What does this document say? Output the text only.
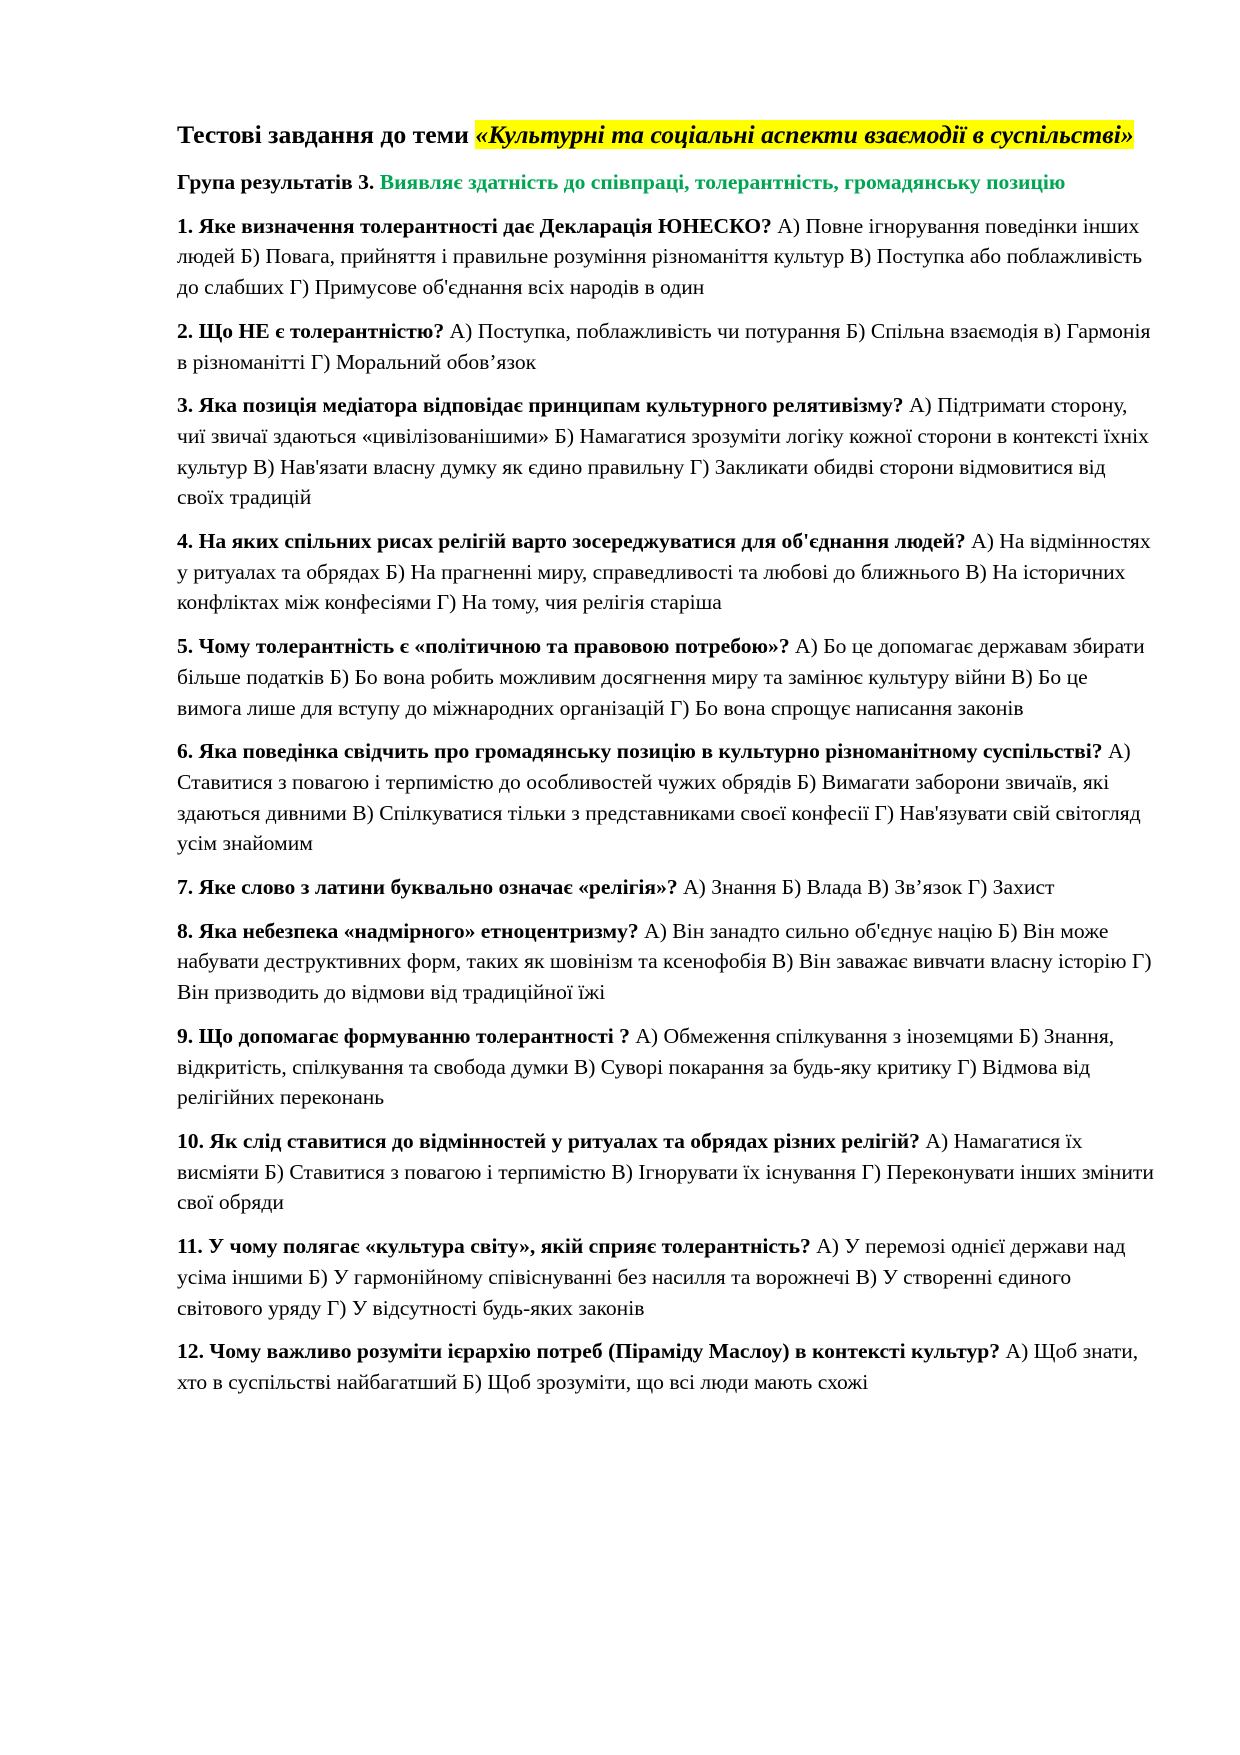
Тестові завдання до теми «Культурні та соціальні аспекти взаємодії в суспільстві»
Група результатів 3. Виявляє здатність до співпраці, толерантність, громадянську позицію
1. Яке визначення толерантності дає Декларація ЮНЕСКО? А) Повне ігнорування поведінки інших людей Б) Повага, прийняття і правильне розуміння різноманіття культур В) Поступка або поблажливість до слабших Г) Примусове об'єднання всіх народів в один
2. Що НЕ є толерантністю? А) Поступка, поблажливість чи потурання Б) Спільна взаємодія в) Гармонія в різноманітті Г) Моральний обов’язок
3. Яка позиція медіатора відповідає принципам культурного релятивізму? А) Підтримати сторону, чиї звичаї здаються «цивілізованішими» Б) Намагатися зрозуміти логіку кожної сторони в контексті їхніх культур В) Нав'язати власну думку як єдино правильну Г) Закликати обидві сторони відмовитися від своїх традицій
4. На яких спільних рисах релігій варто зосереджуватися для об'єднання людей? А) На відмінностях у ритуалах та обрядах Б) На прагненні миру, справедливості та любові до ближнього В) На історичних конфліктах між конфесіями Г) На тому, чия релігія старіша
5. Чому толерантність є «політичною та правовою потребою»? А) Бо це допомагає державам збирати більше податків Б) Бо вона робить можливим досягнення миру та замінює культуру війни В) Бо це вимога лише для вступу до міжнародних організацій Г) Бо вона спрощує написання законів
6. Яка поведінка свідчить про громадянську позицію в культурно різноманітному суспільстві? А) Ставитися з повагою і терпимістю до особливостей чужих обрядів Б) Вимагати заборони звичаїв, які здаються дивними В) Спілкуватися тільки з представниками своєї конфесії Г) Нав'язувати свій світогляд усім знайомим
7. Яке слово з латини буквально означає «релігія»? А) Знання Б) Влада В) Зв’язок Г) Захист
8. Яка небезпека «надмірного» етноцентризму? А) Він занадто сильно об'єднує націю Б) Він може набувати деструктивних форм, таких як шовінізм та ксенофобія В) Він заважає вивчати власну історію Г) Він призводить до відмови від традиційної їжі
9. Що допомагає формуванню толерантності ? А) Обмеження спілкування з іноземцями Б) Знання, відкритість, спілкування та свобода думки В) Суворі покарання за будь-яку критику Г) Відмова від релігійних переконань
10. Як слід ставитися до відмінностей у ритуалах та обрядах різних релігій? А) Намагатися їх висміяти Б) Ставитися з повагою і терпимістю В) Ігнорувати їх існування Г) Переконувати інших змінити свої обряди
11. У чому полягає «культура світу», якій сприяє толерантність? А) У перемозі однієї держави над усіма іншими Б) У гармонійному співіснуванні без насилля та ворожнечі В) У створенні єдиного світового уряду Г) У відсутності будь-яких законів
12. Чому важливо розуміти ієрархію потреб (Піраміду Маслоу) в контексті культур? А) Щоб знати, хто в суспільстві найбагатший Б) Щоб зрозуміти, що всі люди мають схожі
